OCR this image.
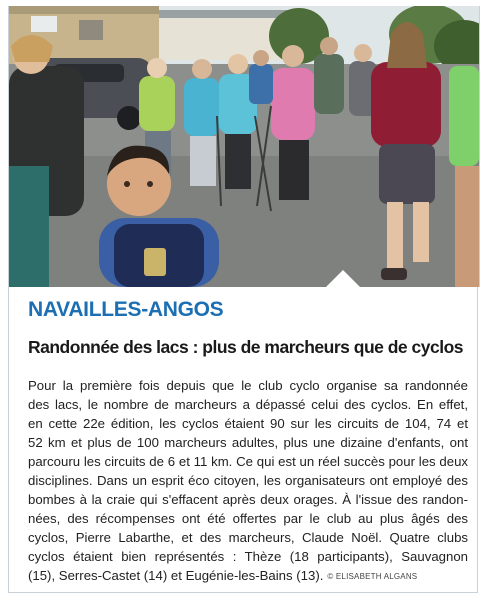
NAVAILLES-ANGOS
Randonnée des lacs : plus de marcheurs que de cyclos
Pour la première fois depuis que le club cyclo organise sa randonnée
des lacs, le nombre de marcheurs a dépassé celui des cyclos. En effet,
en cette 22e édition, les cyclos étaient 90 sur les circuits de 104, 74 et
52 km et plus de 100 marcheurs adultes, plus une dizaine d'enfants, ont
parcouru les circuits de 6 et 11 km. Ce qui est un réel succès pour les deux
disciplines. Dans un esprit éco citoyen, les organisateurs ont employé des
bombes à la craie qui s'effacent après deux orages. À l'issue des randon-
nées, des récompenses ont été offertes par le club au plus âgés des
cyclos, Pierre Labarthe, et des marcheurs, Claude Noël. Quatre clubs
cyclos étaient bien représentés : Thèze (18 participants), Sauvagnon
(15), Serres-Castet (14) et Eugénie-les-Bains (13). © ELISABETH ALGANS
